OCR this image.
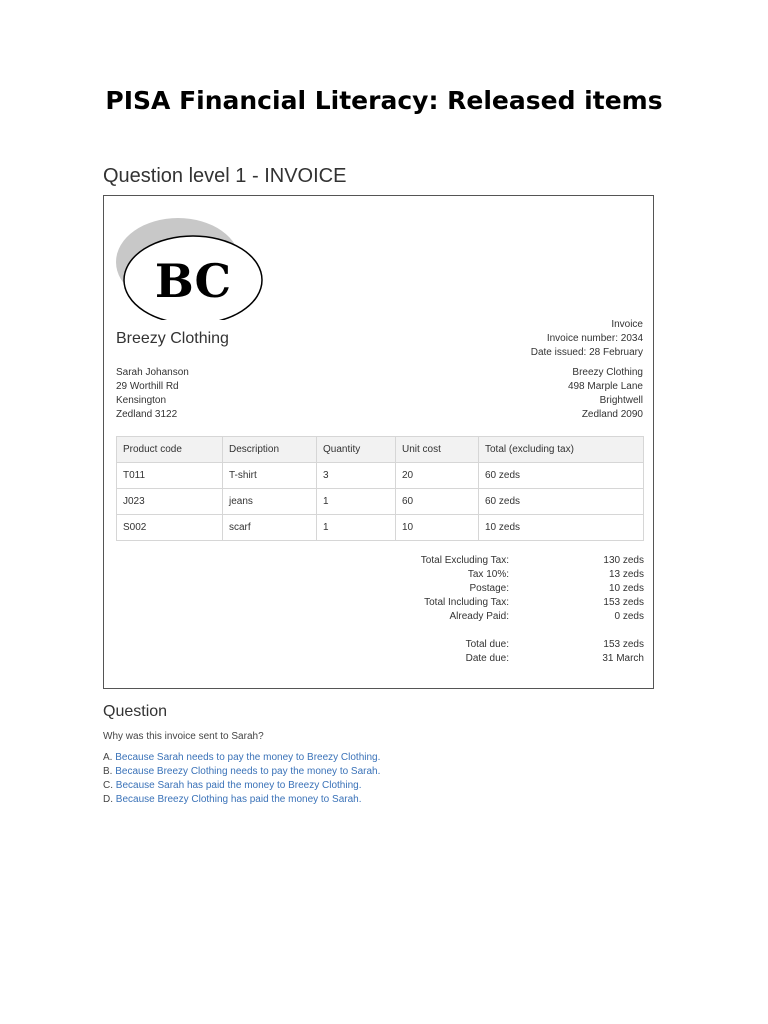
PISA Financial Literacy: Released items
Question level 1 - INVOICE
BC
Breezy Clothing
Invoice
Invoice number: 2034
Date issued: 28 February
Sarah Johanson
29 Worthill Rd
Kensington
Zedland 3122
Breezy Clothing
498 Marple Lane
Brightwell
Zedland 2090
Product code	Description	Quantity	Unit cost	Total (excluding tax)
T011	T-shirt	3	20	60 zeds
J023	jeans	1	60	60 zeds
S002	scarf	1	10	10 zeds
Total Excluding Tax:	130 zeds
Tax 10%:	13 zeds
Postage:	10 zeds
Total Including Tax:	153 zeds
Already Paid:	0 zeds
Total due:	153 zeds
Date due:	31 March
Question
Why was this invoice sent to Sarah?
A. Because Sarah needs to pay the money to Breezy Clothing.
B. Because Breezy Clothing needs to pay the money to Sarah.
C. Because Sarah has paid the money to Breezy Clothing.
D. Because Breezy Clothing has paid the money to Sarah.
